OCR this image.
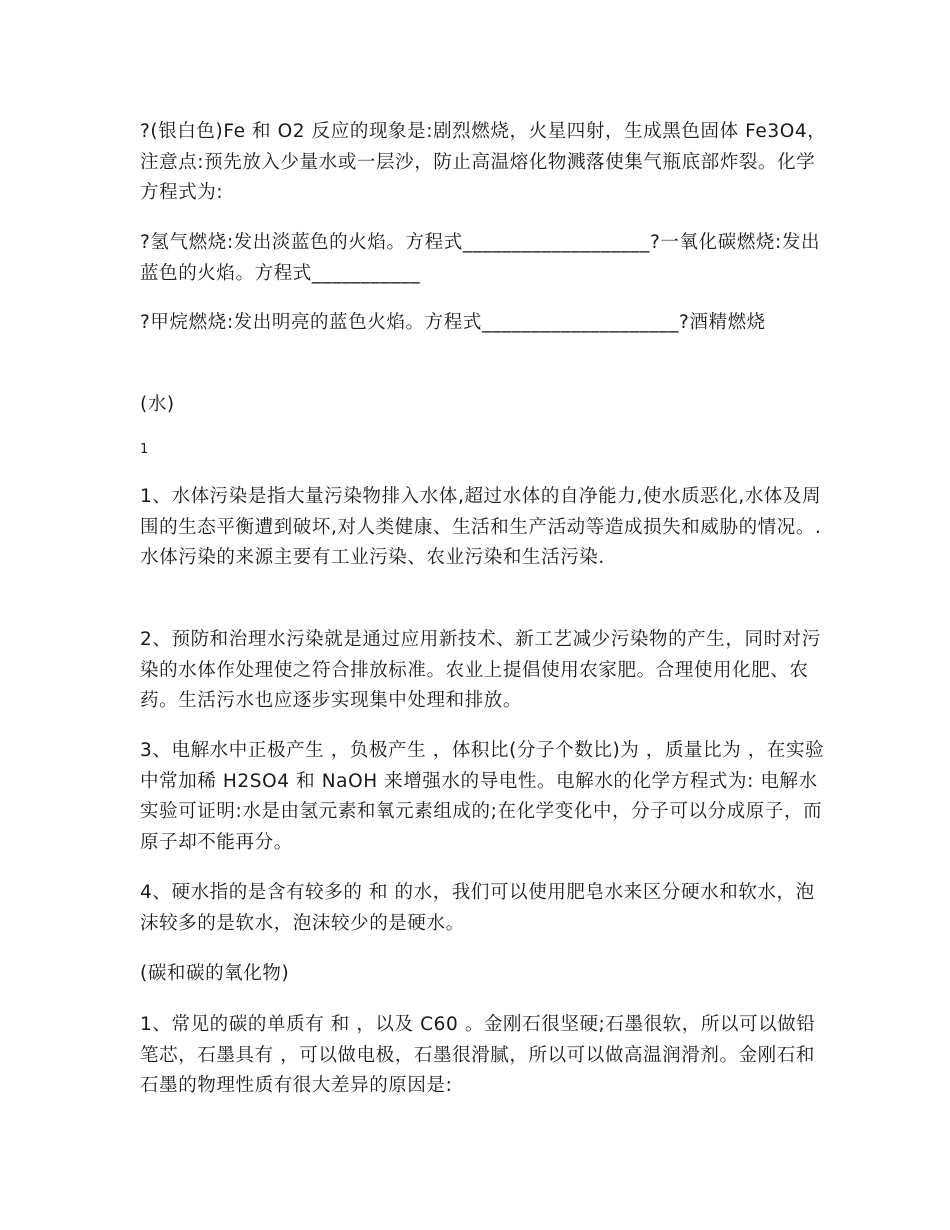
?(银白色)Fe 和 O2 反应的现象是:剧烈燃烧，火星四射，生成黑色固体 Fe3O4，注意点:预先放入少量水或一层沙，防止高温熔化物溅落使集气瓶底部炸裂。化学方程式为:

?氢气燃烧:发出淡蓝色的火焰。方程式___________________?一氧化碳燃烧:发出蓝色的火焰。方程式___________

?甲烷燃烧:发出明亮的蓝色火焰。方程式____________________?酒精燃烧

(水)

1

1、水体污染是指大量污染物排入水体,超过水体的自净能力,使水质恶化,水体及周围的生态平衡遭到破坏,对人类健康、生活和生产活动等造成损失和威胁的情况。.水体污染的来源主要有工业污染、农业污染和生活污染.

2、预防和治理水污染就是通过应用新技术、新工艺减少污染物的产生，同时对污染的水体作处理使之符合排放标准。农业上提倡使用农家肥。合理使用化肥、农药。生活污水也应逐步实现集中处理和排放。

3、电解水中正极产生 ，负极产生 ，体积比(分子个数比)为 ，质量比为 ，在实验中常加稀 H2SO4 和 NaOH 来增强水的导电性。电解水的化学方程式为: 电解水实验可证明:水是由氢元素和氧元素组成的;在化学变化中，分子可以分成原子，而原子却不能再分。

4、硬水指的是含有较多的 和 的水，我们可以使用肥皂水来区分硬水和软水，泡沫较多的是软水，泡沫较少的是硬水。

(碳和碳的氧化物)

1、常见的碳的单质有 和 ，以及 C60 。金刚石很坚硬;石墨很软，所以可以做铅笔芯，石墨具有 ，可以做电极，石墨很滑腻，所以可以做高温润滑剂。金刚石和石墨的物理性质有很大差异的原因是:
